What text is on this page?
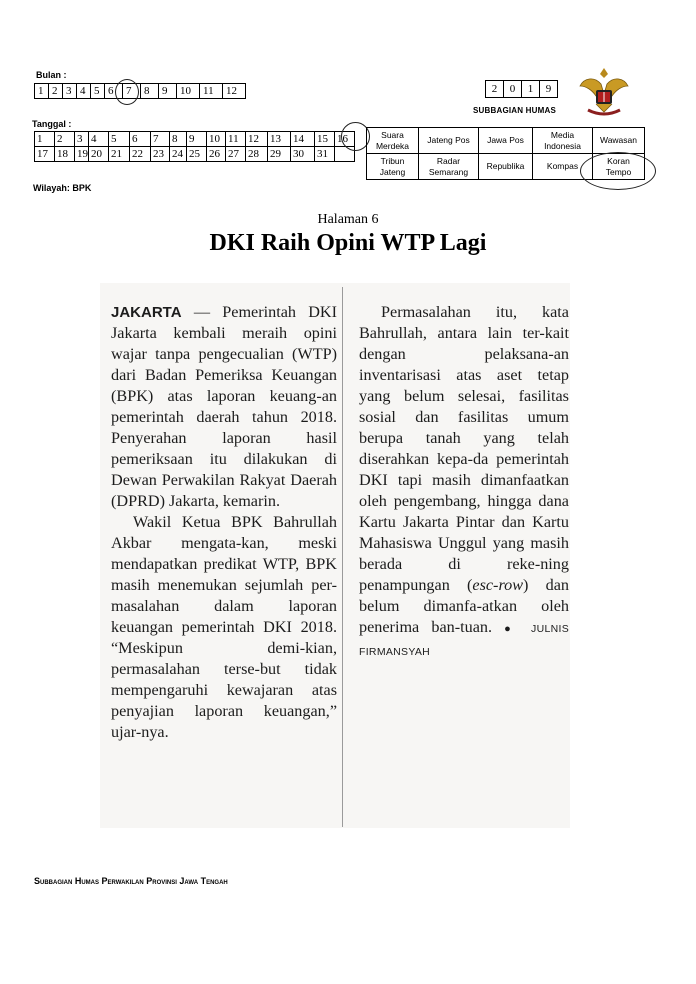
Bulan :
1	2	3	4	5	6	7	8	9	10	11	12	2	0	1	9
SUBBAGIAN HUMAS
Tanggal :
1	2	3	4	5	6	7	8	9	10	11	12	13	14	15	16
17	18	19	20	21	22	23	24	25	26	27	28	29	30	31	
Suara Merdeka	Jateng Pos	Jawa Pos	Media Indonesia	Wawasan
Tribun Jateng	Radar Semarang	Republika	Kompas	Koran Tempo
Wilayah: BPK
Halaman 6
DKI Raih Opini WTP Lagi

JAKARTA — Pemerintah DKI Jakarta kembali meraih opini wajar tanpa pengecualian (WTP) dari Badan Pemeriksa Keuangan (BPK) atas laporan keuang-an pemerintah daerah tahun 2018. Penyerahan laporan hasil pemeriksaan itu dilakukan di Dewan Perwakilan Rakyat Daerah (DPRD) Jakarta, kemarin.

Wakil Ketua BPK Bahrullah Akbar mengata-kan, meski mendapatkan predikat WTP, BPK masih menemukan sejumlah per-masalahan dalam laporan keuangan pemerintah DKI 2018. “Meskipun demi-kian, permasalahan terse-but tidak mempengaruhi kewajaran atas penyajian laporan keuangan,” ujar-nya.

Permasalahan itu, kata Bahrullah, antara lain ter-kait dengan pelaksana-an inventarisasi atas aset tetap yang belum selesai, fasilitas sosial dan fasilitas umum berupa tanah yang telah diserahkan kepa-da pemerintah DKI tapi masih dimanfaatkan oleh pengembang, hingga dana Kartu Jakarta Pintar dan Kartu Mahasiswa Unggul yang masih berada di reke-ning penampungan (esc-row) dan belum dimanfa-atkan oleh penerima ban-tuan. ● JULNIS FIRMANSYAH

Subbagian Humas Perwakilan Provinsi Jawa Tengah
